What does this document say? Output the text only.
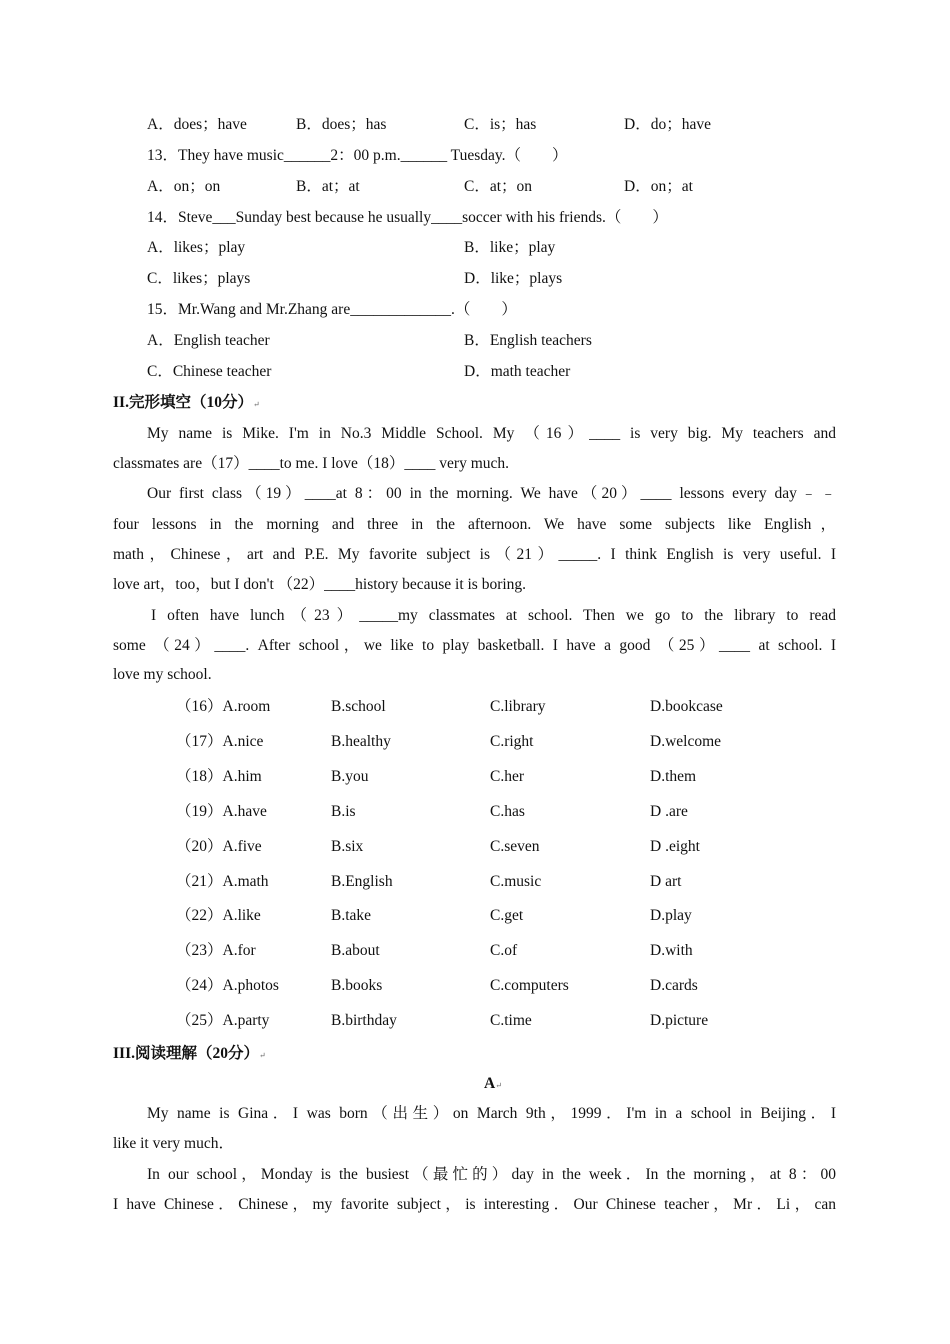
A．does；have	B．does；has	C．is；has	D．do；have
13．They have music______2：00 p.m.______ Tuesday.（　　）
A．on；on	B．at；at	C．at；on	D．on；at
14．Steve___Sunday best because he usually____soccer with his friends.（　　）
A．likes；play	B．like；play
C．likes；plays	D．like；plays
15．Mr.Wang and Mr.Zhang are_____________.（　　）
A．English teacher	B．English teachers
C．Chinese teacher	D．math teacher
II.完形填空（10分）↵
My name is Mike. I'm in No.3 Middle School. My （16）____ is very big. My teachers and
classmates are（17）____to me. I love（18）____ very much.
Our first class（19）____at 8：00 in the morning. We have（20）____ lessons every day﹣﹣
four lessons in the morning and three in the afternoon. We have some subjects like English，
math，Chinese，art and P.E. My favorite subject is（21）_____. I think English is very useful. I
love art，too，but I don't （22）____history because it is boring.
I often have lunch（23）_____my classmates at school. Then we go to the library to read
some （24）____. After school，we like to play basketball. I have a good （25）____ at school. I
love my school.
（16）A.room	B.school	C.library	D.bookcase
（17）A.nice	B.healthy	C.right	D.welcome
（18）A.him	B.you	C.her	D.them
（19）A.have	B.is	C.has	D .are
（20）A.five	B.six	C.seven	D .eight
（21）A.math	B.English	C.music	D art
（22）A.like	B.take	C.get	D.play
（23）A.for	B.about	C.of	D.with
（24）A.photos	B.books	C.computers	D.cards
（25）A.party	B.birthday	C.time	D.picture
III.阅读理解（20分）↵
A↵
My name is Gina．I was born（出生）on March 9th，1999．I'm in a school in Beijing．I
like it very much．
In our school，Monday is the busiest（最忙的）day in the week．In the morning，at 8：00
I have Chinese．Chinese，my favorite subject，is interesting．Our Chinese teacher，Mr．Li，can
